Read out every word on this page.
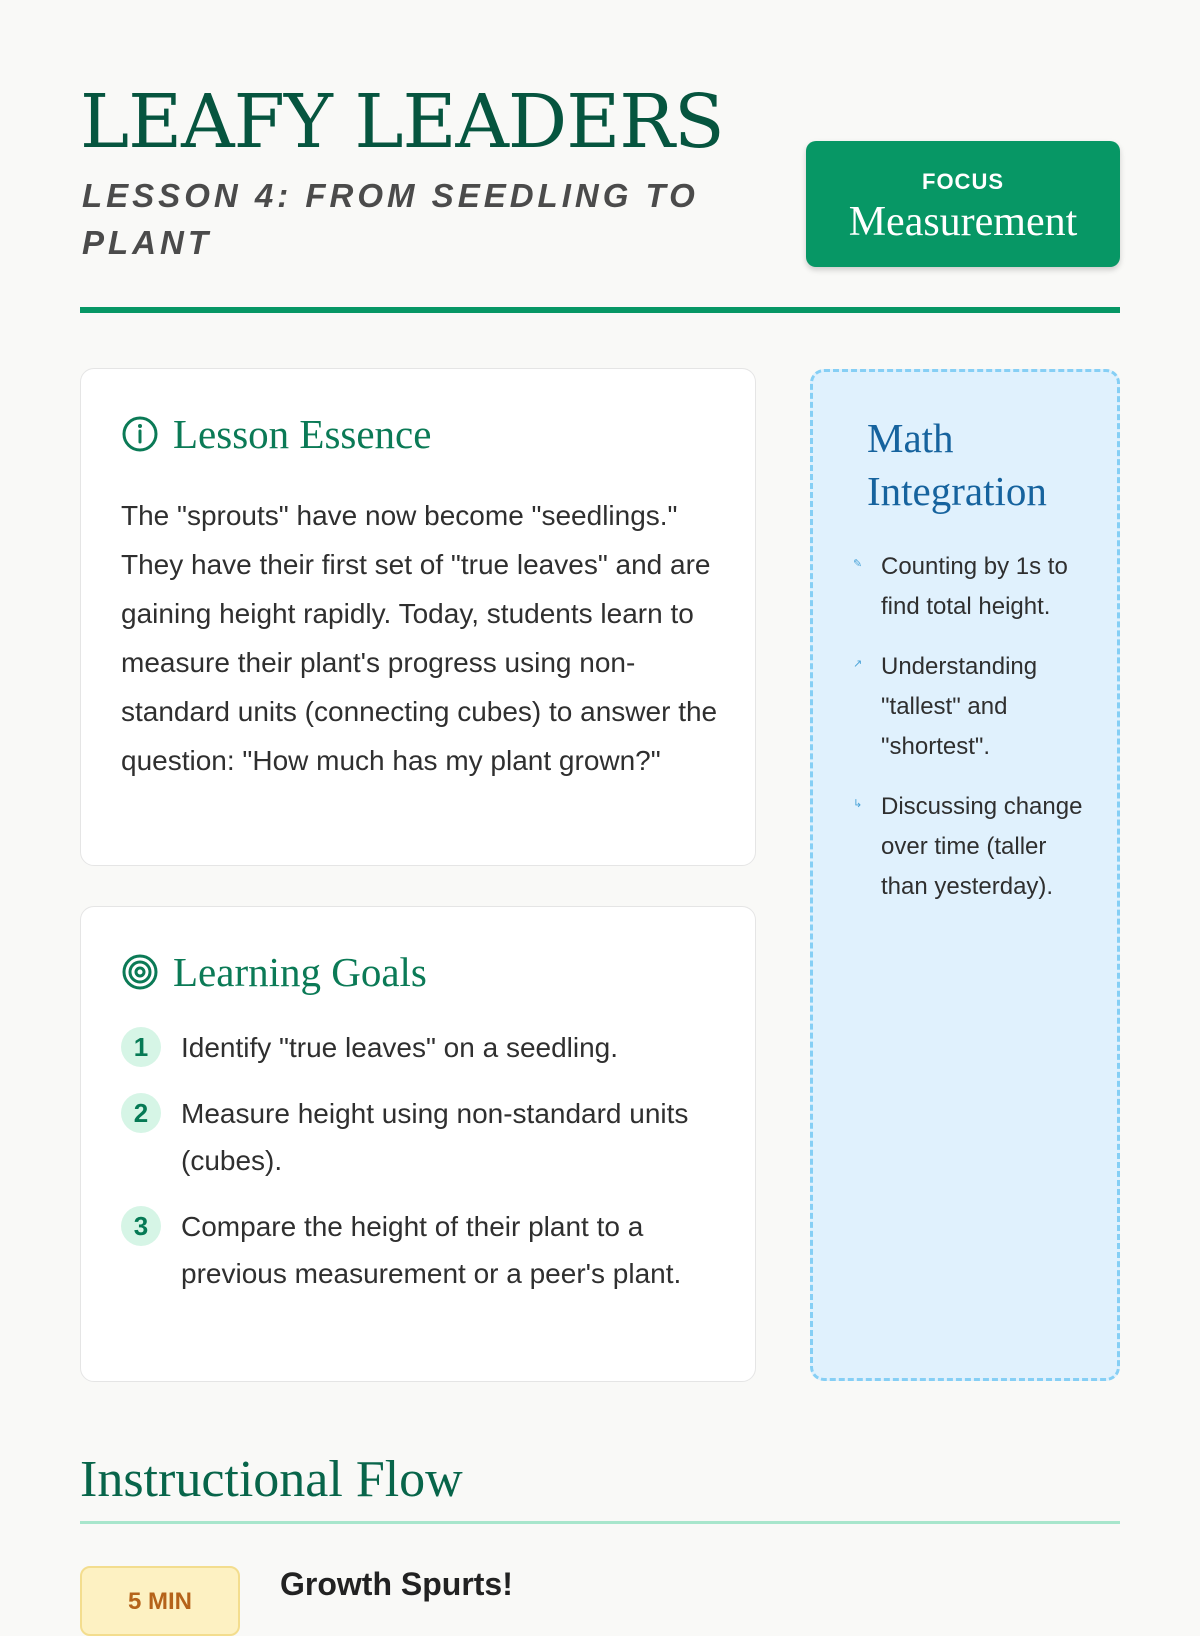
LEAFY LEADERS

LESSON 4: FROM SEEDLING TO PLANT

FOCUS
Measurement
Lesson Essence

The "sprouts" have now become "seedlings." They have their first set of "true leaves" and are gaining height rapidly. Today, students learn to measure their plant's progress using non-standard units (connecting cubes) to answer the question: "How much has my plant grown?"

Learning Goals
1	Identify "true leaves" on a seedling.
2	Measure height using non-standard units (cubes).
3	Compare the height of their plant to a previous measurement or a peer's plant.
Math Integration
✎ Counting by 1s to find total height.
↗ Understanding "tallest" and "shortest".
↳ Discussing change over time (taller than yesterday).
Instructional Flow
5 MIN	Growth Spurts!
